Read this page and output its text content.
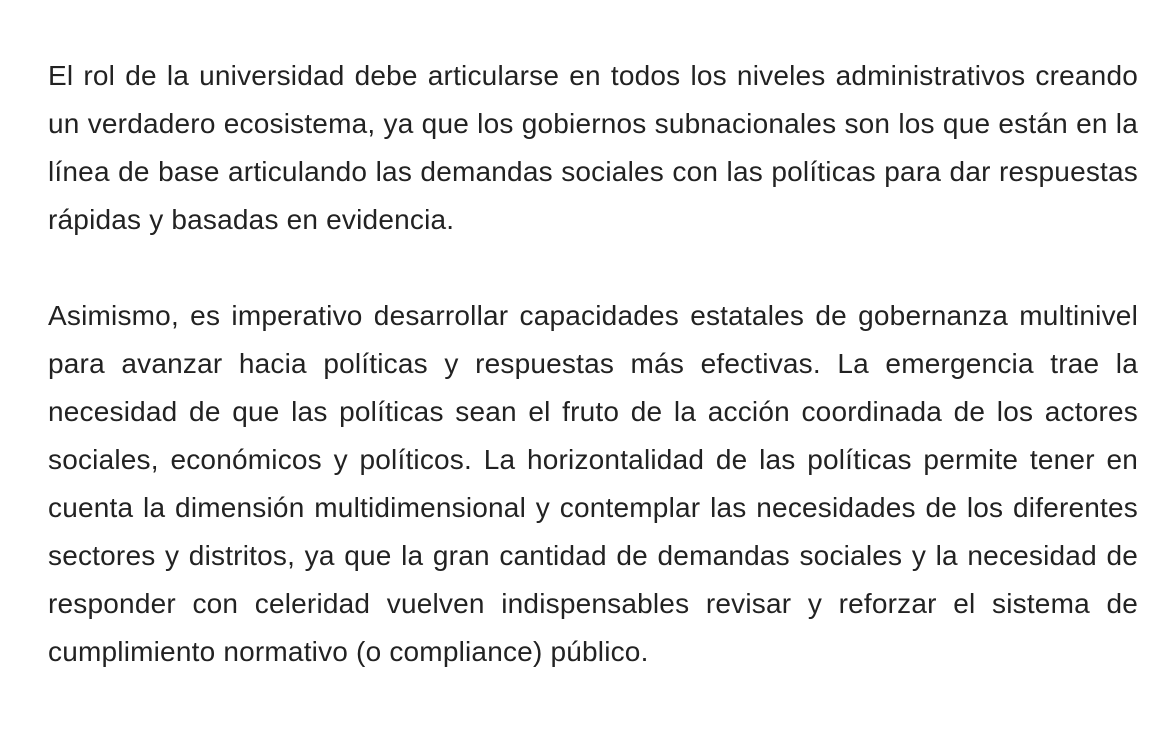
El rol de la universidad debe articularse en todos los niveles administrativos creando un verdadero ecosistema, ya que los gobiernos subnacionales son los que están en la línea de base articulando las demandas sociales con las políticas para dar respuestas rápidas y basadas en evidencia.

Asimismo, es imperativo desarrollar capacidades estatales de gobernanza multinivel para avanzar hacia políticas y respuestas más efectivas. La emergencia trae la necesidad de que las políticas sean el fruto de la acción coordinada de los actores sociales, económicos y políticos. La horizontalidad de las políticas permite tener en cuenta la dimensión multidimensional y contemplar las necesidades de los diferentes sectores y distritos, ya que la gran cantidad de demandas sociales y la necesidad de responder con celeridad vuelven indispensables revisar y reforzar el sistema de cumplimiento normativo (o compliance) público.
